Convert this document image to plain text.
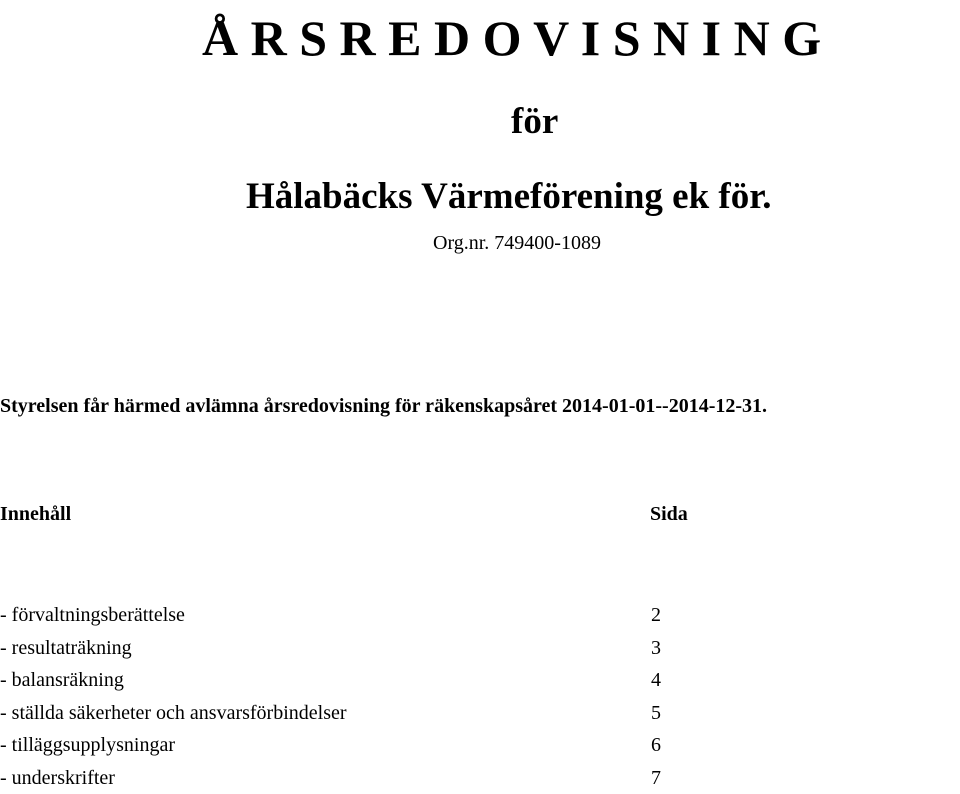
Å R S R E D O V I S N I N G
för
Hålabäcks Värmeförening ek för.
Org.nr. 749400-1089
Styrelsen får härmed avlämna årsredovisning för räkenskapsåret 2014-01-01--2014-12-31.
Innehåll	Sida
- förvaltningsberättelse	2
- resultaträkning	3
- balansräkning	4
- ställda säkerheter och ansvarsförbindelser	5
- tilläggsupplysningar	6
- underskrifter	7
